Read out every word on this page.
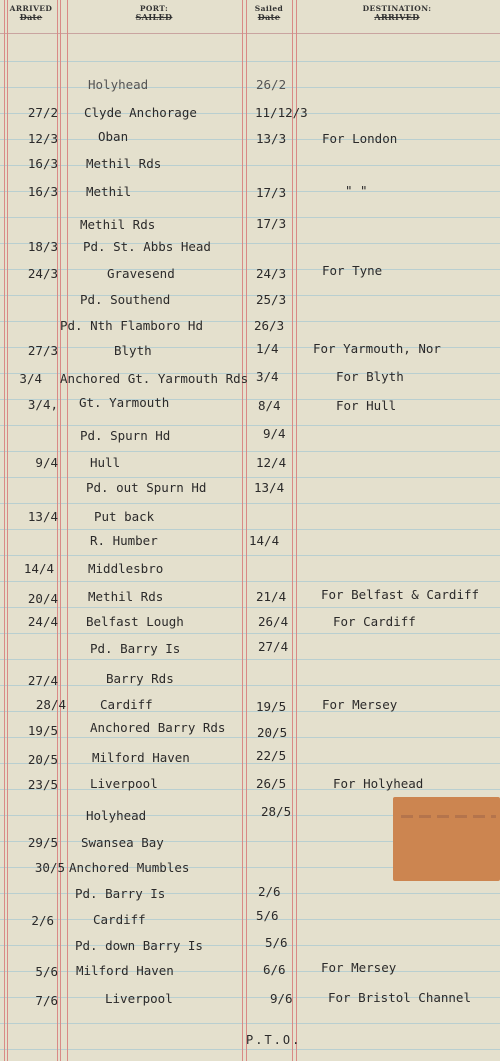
ARRIVED
Date
PORT:
SAILED
Sailed
Date
DESTINATION:
ARRIVED
Holyhead	26/2
27/2 Clyde Anchorage	11/12/3
12/3	Oban	13/3	For London
16/3 Methil Rds
16/3 Methil	17/3	" "
Methil Rds	17/3
18/3 Pd. St. Abbs Head
24/3	Gravesend	24/3	For Tyne
Pd. Southend	25/3
Pd. Nth Flamboro Hd	26/3
27/3	Blyth	1/4	For Yarmouth, Nor
3/4 Anchored Gt. Yarmouth Rds 3/4	For Blyth
3/4, Gt. Yarmouth	8/4	For Hull
Pd. Spurn Hd	9/4
9/4	Hull	12/4
Pd. out Spurn Hd	13/4
13/4	Put back
R. Humber	14/4
14/4	Middlesbro
20/4 Methil Rds	21/4	For Belfast & Cardiff
24/4 Belfast Lough	26/4	For Cardiff
Pd. Barry Is	27/4
27/4	Barry Rds
28/4	Cardiff	19/5	For Mersey
19/5	Anchored Barry Rds	20/5
20/5	Milford Haven	22/5
23/5	Liverpool	26/5	For Holyhead
Holyhead	28/5
29/5 Swansea Bay
30/5 Anchored Mumbles
Pd. Barry Is	2/6
2/6	Cardiff	5/6
Pd. down Barry Is	5/6
5/6 Milford Haven	6/6	For Mersey
7/6	Liverpool	9/6	For Bristol Channel
P.T.O.
